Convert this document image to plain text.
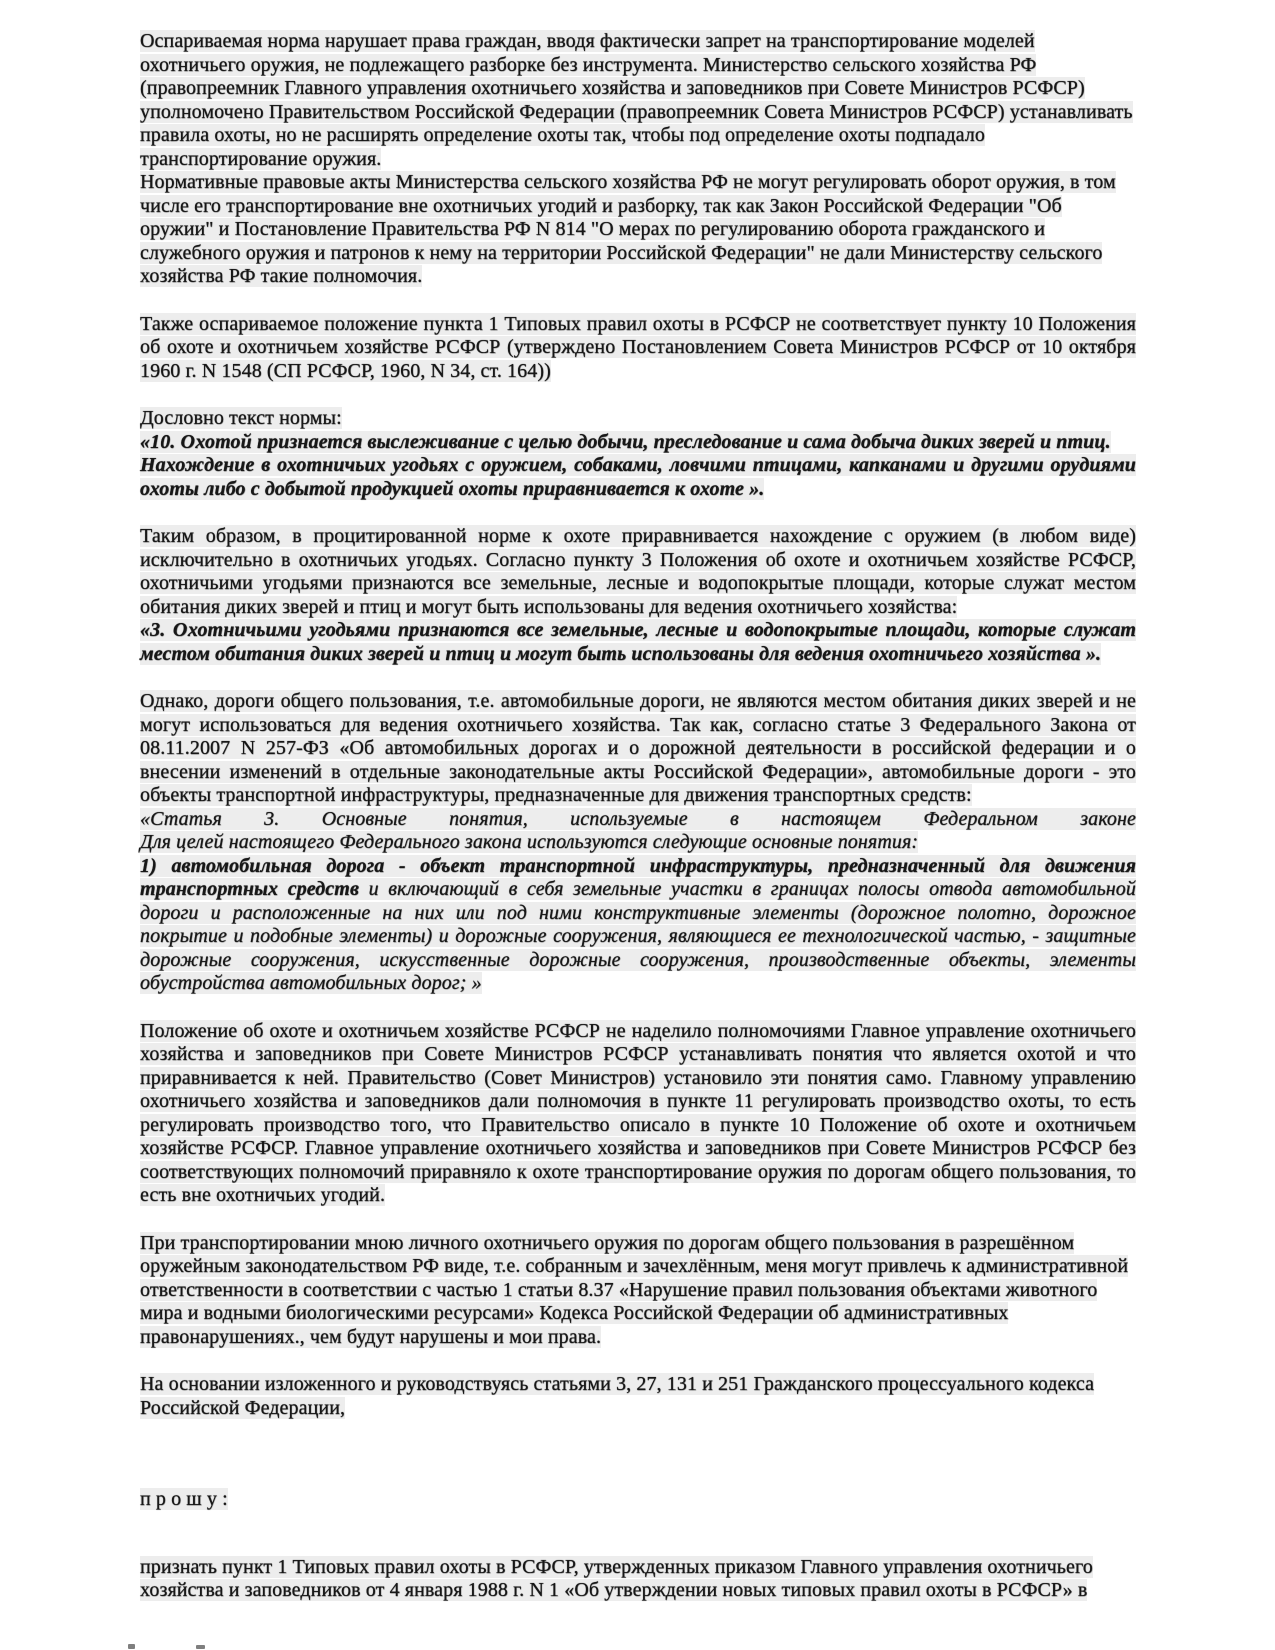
Оспариваемая норма нарушает права граждан, вводя фактически запрет на транспортирование моделей охотничьего оружия, не подлежащего разборке без инструмента. Министерство сельского хозяйства РФ (правопреемник Главного управления охотничьего хозяйства и заповедников при Совете Министров РСФСР) уполномочено Правительством Российской Федерации (правопреемник Совета Министров РСФСР) устанавливать правила охоты, но не расширять определение охоты так, чтобы под определение охоты подпадало транспортирование оружия.
Нормативные правовые акты Министерства сельского хозяйства РФ не могут регулировать оборот оружия, в том числе его транспортирование вне охотничьих угодий и разборку, так как Закон Российской Федерации "Об оружии" и Постановление Правительства РФ N 814 "О мерах по регулированию оборота гражданского и служебного оружия и патронов к нему на территории Российской Федерации" не дали Министерству сельского хозяйства РФ такие полномочия.
Также оспариваемое положение пункта 1 Типовых правил охоты в РСФСР не соответствует пункту 10 Положения об охоте и охотничьем хозяйстве РСФСР (утверждено Постановлением Совета Министров РСФСР от 10 октября 1960 г. N 1548 (СП РСФСР, 1960, N 34, ст. 164))
Дословно текст нормы:
«10. Охотой признается выслеживание с целью добычи, преследование и сама добыча диких зверей и птиц.
Нахождение в охотничьих угодьях с оружием, собаками, ловчими птицами, капканами и другими орудиями охоты либо с добытой продукцией охоты приравнивается к охоте ».
Таким образом, в процитированной норме к охоте приравнивается нахождение с оружием (в любом виде) исключительно в охотничьих угодьях. Согласно пункту 3 Положения об охоте и охотничьем хозяйстве РСФСР, охотничьими угодьями признаются все земельные, лесные и водопокрытые площади, которые служат местом обитания диких зверей и птиц и могут быть использованы для ведения охотничьего хозяйства:
«3. Охотничьими угодьями признаются все земельные, лесные и водопокрытые площади, которые служат местом обитания диких зверей и птиц и могут быть использованы для ведения охотничьего хозяйства ».
Однако, дороги общего пользования, т.е. автомобильные дороги, не являются местом обитания диких зверей и не могут использоваться для ведения охотничьего хозяйства. Так как, согласно статье 3 Федерального Закона от 08.11.2007 N 257-ФЗ «Об автомобильных дорогах и о дорожной деятельности в российской федерации и о внесении изменений в отдельные законодательные акты Российской Федерации», автомобильные дороги - это объекты транспортной инфраструктуры, предназначенные для движения транспортных средств:
«Статья 3. Основные понятия, используемые в настоящем Федеральном законе
Для целей настоящего Федерального закона используются следующие основные понятия:
1) автомобильная дорога - объект транспортной инфраструктуры, предназначенный для движения транспортных средств и включающий в себя земельные участки в границах полосы отвода автомобильной дороги и расположенные на них или под ними конструктивные элементы (дорожное полотно, дорожное покрытие и подобные элементы) и дорожные сооружения, являющиеся ее технологической частью, - защитные дорожные сооружения, искусственные дорожные сооружения, производственные объекты, элементы обустройства автомобильных дорог; »
Положение об охоте и охотничьем хозяйстве РСФСР не наделило полномочиями Главное управление охотничьего хозяйства и заповедников при Совете Министров РСФСР устанавливать понятия что является охотой и что приравнивается к ней. Правительство (Совет Министров) установило эти понятия само. Главному управлению охотничьего хозяйства и заповедников дали полномочия в пункте 11 регулировать производство охоты, то есть регулировать производство того, что Правительство описало в пункте 10 Положение об охоте и охотничьем хозяйстве РСФСР. Главное управление охотничьего хозяйства и заповедников при Совете Министров РСФСР без соответствующих полномочий приравняло к охоте транспортирование оружия по дорогам общего пользования, то есть вне охотничьих угодий.
При транспортировании мною личного охотничьего оружия по дорогам общего пользования в разрешённом оружейным законодательством РФ виде, т.е. собранным и зачехлённым, меня могут привлечь к административной ответственности в соответствии с частью 1 статьи 8.37 «Нарушение правил пользования объектами животного мира и водными биологическими ресурсами» Кодекса Российской Федерации об административных правонарушениях., чем будут нарушены и мои права.
На основании изложенного и руководствуясь статьями 3, 27, 131 и 251 Гражданского процессуального кодекса Российской Федерации,
п р о ш у :
признать пункт 1 Типовых правил охоты в РСФСР, утвержденных приказом Главного управления охотничьего хозяйства и заповедников от 4 января 1988 г. N 1 «Об утверждении новых типовых правил охоты в РСФСР» в
